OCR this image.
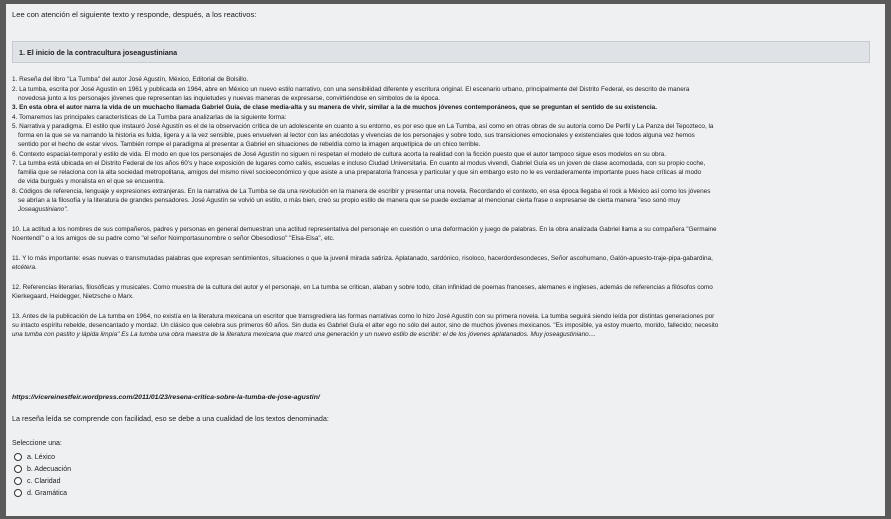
Lee con atención el siguiente texto y responde, después, a los reactivos:
1. El inicio de la contracultura joseagustiniana

1. Reseña del libro "La Tumba" del autor José Agustín, México, Editorial de Bolsillo.

2. La tumba, escrita por José Agustín en 1961 y publicada en 1964, abre en México un nuevo estilo narrativo, con una sensibilidad diferente y escritura original. El escenario urbano, principalmente del Distrito Federal, es descrito de manera

novedosa junto a los personajes jóvenes que representan las inquietudes y nuevas maneras de expresarse, convirtiéndose en símbolos de la época.

3. En esta obra el autor narra la vida de un muchacho llamada Gabriel Guía, de clase media-alta y su manera de vivir, similar a la de muchos jóvenes contemporáneos, que se preguntan el sentido de su existencia.

4. Tomaremos las principales características de La Tumba para analizarlas de la siguiente forma:

5. Narrativa y paradigma. El estilo que instauró José Agustín es el de la observación crítica de un adolescente en cuanto a su entorno, es por eso que en La Tumba, así como en otras obras de su autoría como De Perfil y La Panza del Tepozteco, la

forma en la que se va narrando la historia es fulda, ligera y a la vez sensible, pues envuelven al lector con las anécdotas y vivencias de los personajes y sobre todo, sus transiciones emocionales y existenciales que todos alguna vez hemos

sentido por el hecho de estar vivos. También rompe el paradigma al presentar a Gabriel en situaciones de rebeldía como la imagen arquetípica de un chico terrible.

6. Contexto espacial-temporal y estilo de vida. El modo en que los personajes de José Agustín no siguen ni respetan el modelo de cultura acorta la realidad con la ficción puesto que el autor tampoco sigue esos modelos en su obra.

7. La tumba está ubicada en el Distrito Federal de los años 60's y hace exposición de lugares como cafés, escuelas e incluso Ciudad Universitaria. En cuanto al modus vivendi, Gabriel Guía es un joven de clase acomodada, con su propio coche,

familia que se relaciona con la alta sociedad metropolitana, amigos del mismo nivel socioeconómico y que asiste a una preparatoria francesa y particular y que sin embargo esto no le es verdaderamente importante pues hace críticas al modo

de vida burgués y moralista en el que se encuentra.

8. Códigos de referencia, lenguaje y expresiones extranjeras. En la narrativa de La Tumba se da una revolución en la manera de escribir y presentar una novela. Recordando el contexto, en esa época llegaba el rock a México así como los jóvenes

se abrían a la filosofía y la literatura de grandes pensadores. José Agustín se volvió un estilo, o más bien, creó su propio estilo de manera que se puede exclamar al mencionar cierta frase o expresarse de cierta manera "eso sonó muy

Joseagustiniano".

10. La actitud a los nombres de sus compañeros, padres y personas en general demuestran una actitud representativa del personaje en cuestión o una deformación y juego de palabras. En la obra analizada Gabriel llama a su compañera "Germaine

Noentendí" o a los amigos de su padre como "el señor Noimportasunombre o señor Obesodioso" "Elsa-Elsa", etc.

11. Y lo más importante: esas nuevas o transmutadas palabras que expresan sentimientos, situaciones o que la juvenil mirada satiriza. Aplatanado, sardónico, risoloco, hacerdordesondeces, Señor ascohumano, Galón-apuesto-traje-pipa-gabardina,

etcétera.

12. Referencias literarias, filosóficas y musicales. Como muestra de la cultura del autor y el personaje, en La tumba se critican, alaban y sobre todo, citan infinidad de poemas franceses, alemanes e ingleses, además de referencias a filósofos como

Kierkegaard, Heidegger, Nietzsche o Marx.

13. Antes de la publicación de La tumba en 1964, no existía en la literatura mexicana un escritor que transgrediera las formas narrativas como lo hizo José Agustín con su primera novela. La tumba seguirá siendo leída por distintas generaciones por

su intacto espíritu rebelde, desencantado y mordaz. Un clásico que celebra sus primeros 60 años. Sin duda es Gabriel Guía el alter ego no sólo del autor, sino de muchos jóvenes mexicanos. "Es imposible, ya estoy muerto, morido, fallecido; necesito

una tumba con pastito y lápida limpia" Es La tumba una obra maestra de la literatura mexicana que marcó una generación y un nuevo estilo de escribir: el de los jóvenes aplatanados. Muy joseagustiniano....

https://vicereinestfeir.wordpress.com/2011/01/23/resena-critica-sobre-la-tumba-de-jose-agustin/
La reseña leída se comprende con facilidad, eso se debe a una cualidad de los textos denominada:
Seleccione una:
a. Léxico
b. Adecuación
c. Claridad
d. Gramática
